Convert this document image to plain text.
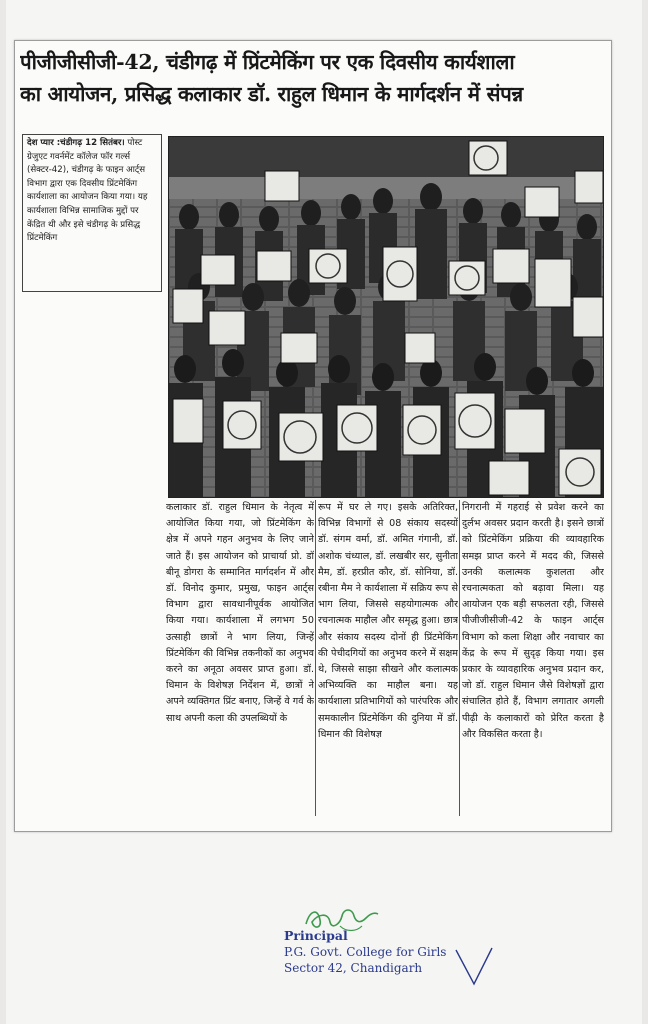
पीजीजीसीजी-42, चंडीगढ़ में प्रिंटमेकिंग पर एक दिवसीय कार्यशाला
का आयोजन, प्रसिद्ध कलाकार डॉ. राहुल धिमान के मार्गदर्शन में संपन्न
देश प्यार :चंडीगढ़ 12 सितंबर। पोस्ट ग्रेजुएट गवर्नमेंट कॉलेज फॉर गर्ल्स (सेक्टर-42), चंडीगढ़ के फाइन आर्ट्स विभाग द्वारा एक दिवसीय प्रिंटमेकिंग कार्यशाला का आयोजन किया गया। यह कार्यशाला विभिन्न सामाजिक मुद्दों पर केंद्रित थी और इसे चंडीगढ़ के प्रसिद्ध प्रिंटमेकिंग
कलाकार डॉ. राहुल धिमान के नेतृत्व में आयोजित किया गया, जो प्रिंटमेकिंग के क्षेत्र में अपने गहन अनुभव के लिए जाने जाते हैं। इस आयोजन को प्राचार्या प्रो. डॉ बीनू डोगरा के सम्मानित मार्गदर्शन में और डॉ. विनोद कुमार, प्रमुख, फाइन आर्ट्स विभाग द्वारा सावधानीपूर्वक आयोजित किया गया। कार्यशाला में लगभग 50 उत्साही छात्रों ने भाग लिया, जिन्हें प्रिंटमेकिंग की विभिन्न तकनीकों का अनुभव करने का अनूठा अवसर प्राप्त हुआ। डॉ. धिमान के विशेषज्ञ निर्देशन में, छात्रों ने अपने व्यक्तिगत प्रिंट बनाए, जिन्हें वे गर्व के साथ अपनी कला की उपलब्धियों के
रूप में घर ले गए। इसके अतिरिक्त, विभिन्न विभागों से 08 संकाय सदस्यों डॉ. संगम वर्मा, डॉ. अमित गंगानी, डॉ. अशोक चंध्याल, डॉ. लखबीर सर, सुनीता मैम, डॉ. हरप्रीत कौर, डॉ. सोनिया, डॉ. रबीना मैम ने कार्यशाला में सक्रिय रूप से भाग लिया, जिससे सहयोगात्मक और रचनात्मक माहौल और समृद्ध हुआ। छात्र और संकाय सदस्य दोनों ही प्रिंटमेकिंग की पेचीदगियों का अनुभव करने में सक्षम थे, जिससे साझा सीखने और कलात्मक अभिव्यक्ति का माहौल बना। यह कार्यशाला प्रतिभागियों को पारंपरिक और समकालीन प्रिंटमेकिंग की दुनिया में डॉ. धिमान की विशेषज्ञ
निगरानी में गहराई से प्रवेश करने का दुर्लभ अवसर प्रदान करती है। इसने छात्रों को प्रिंटमेकिंग प्रक्रिया की व्यावहारिक समझ प्राप्त करने में मदद की, जिससे उनकी कलात्मक कुशलता और रचनात्मकता को बढ़ावा मिला। यह आयोजन एक बड़ी सफलता रही, जिससे पीजीजीसीजी-42 के फाइन आर्ट्स विभाग को कला शिक्षा और नवाचार का केंद्र के रूप में सुदृढ़ किया गया। इस प्रकार के व्यावहारिक अनुभव प्रदान कर, जो डॉ. राहुल धिमान जैसे विशेषज्ञों द्वारा संचालित होते हैं, विभाग लगातार अगली पीढ़ी के कलाकारों को प्रेरित करता है और विकसित करता है।
Principal
P.G. Govt. College for Girls
Sector 42, Chandigarh
